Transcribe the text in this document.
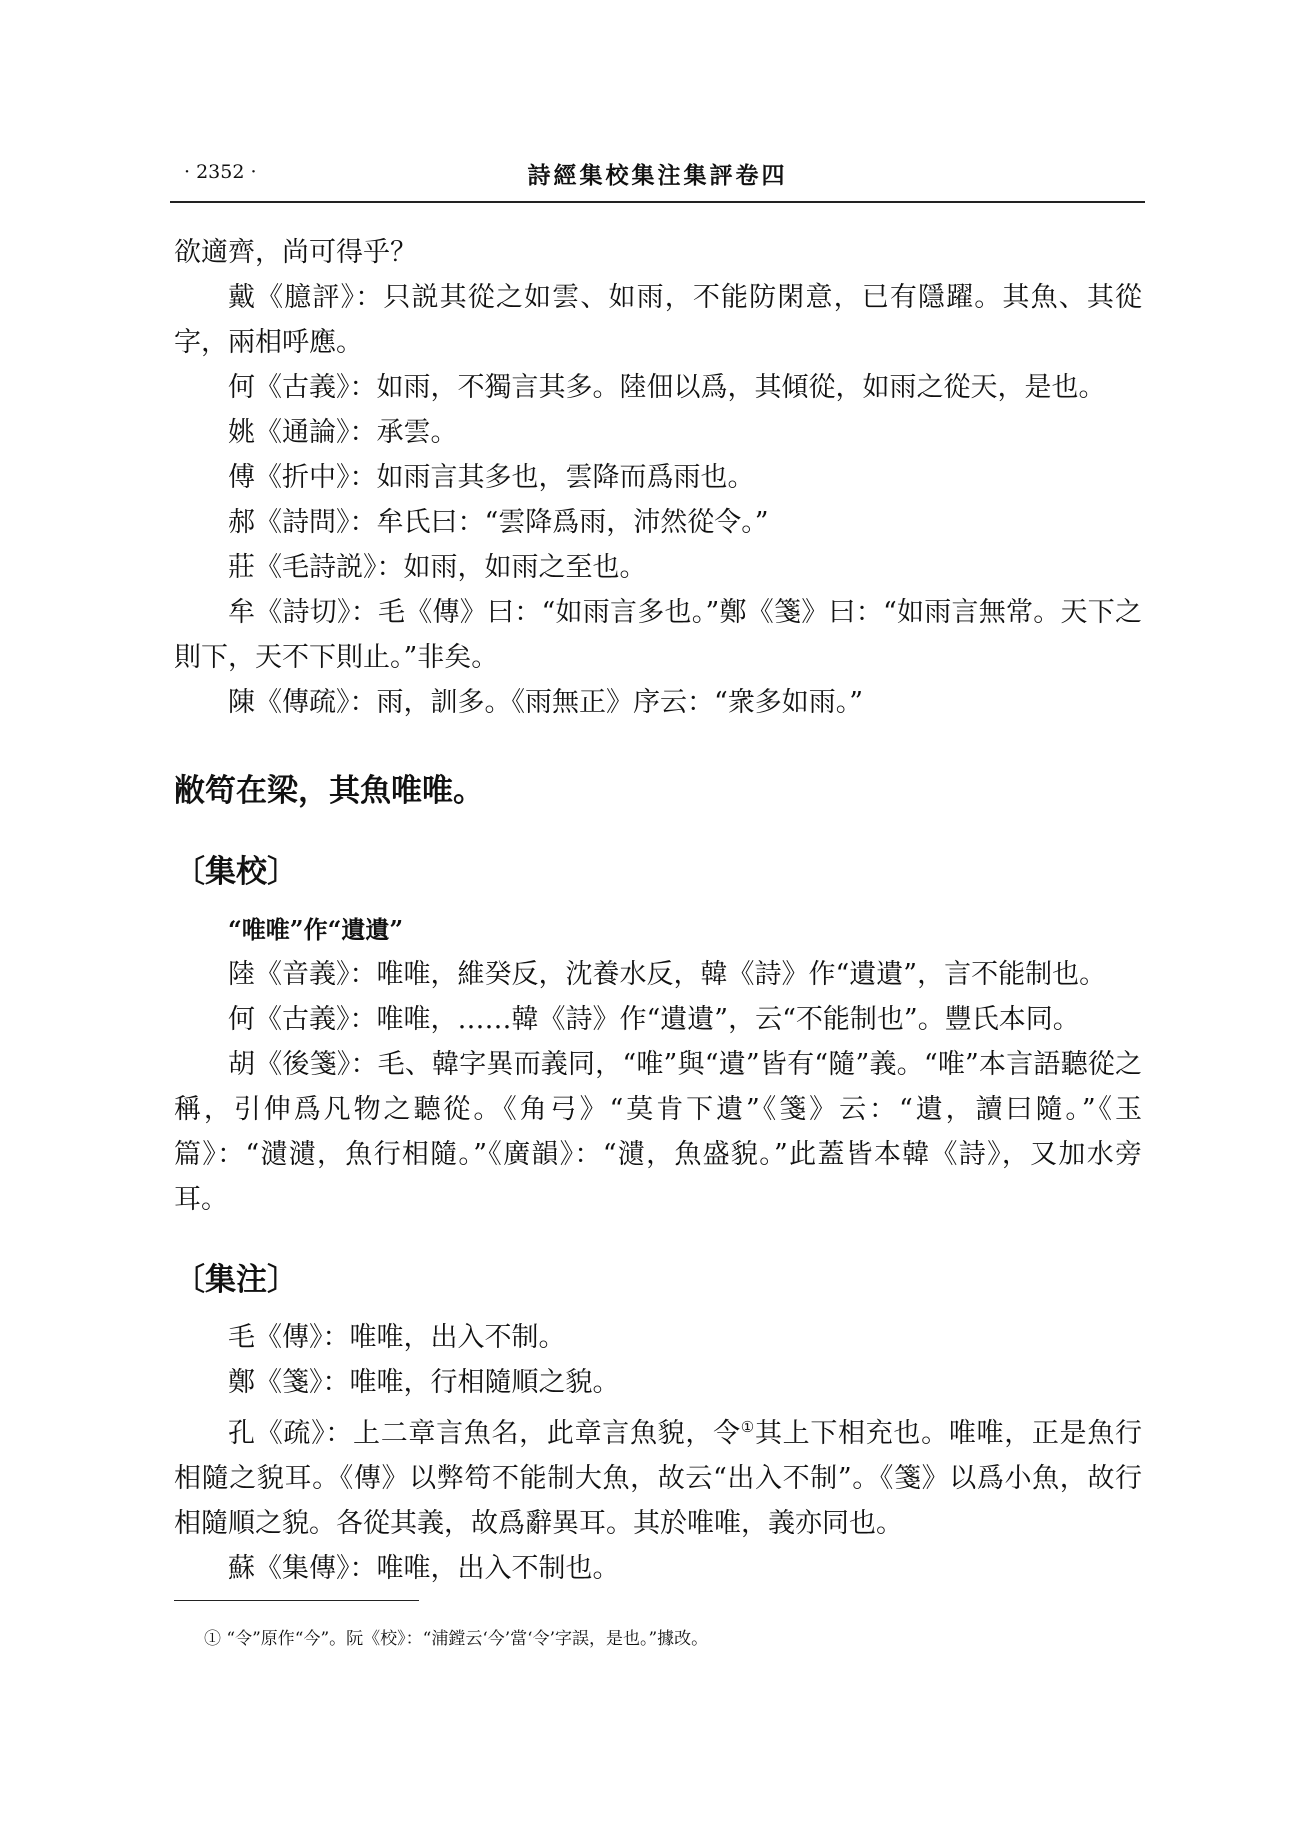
· 2352 ·	詩經集校集注集評卷四

欲適齊，尚可得乎？

戴《臆評》：只説其從之如雲、如雨，不能防閑意，已有隱躍。其魚、其從字，兩相呼應。

何《古義》：如雨，不獨言其多。陸佃以爲，其傾從，如雨之從天，是也。

姚《通論》：承雲。

傅《折中》：如雨言其多也，雲降而爲雨也。

郝《詩問》：牟氏曰：“雲降爲雨，沛然從令。”

莊《毛詩説》：如雨，如雨之至也。

牟《詩切》：毛《傳》曰：“如雨言多也。”鄭《箋》曰：“如雨言無常。天下之則下，天不下則止。”非矣。

陳《傳疏》：雨，訓多。《雨無正》序云：“衆多如雨。”

敝笱在梁，其魚唯唯。

〔集校〕

“唯唯”作“遺遺”

陸《音義》：唯唯，維癸反，沈養水反，韓《詩》作“遺遺”，言不能制也。

何《古義》：唯唯，……韓《詩》作“遺遺”，云“不能制也”。豐氏本同。

胡《後箋》：毛、韓字異而義同，“唯”與“遺”皆有“隨”義。“唯”本言語聽從之稱，引伸爲凡物之聽從。《角弓》“莫肯下遺”《箋》云：“遺，讀曰隨。”《玉篇》：“瀢瀢，魚行相隨。”《廣韻》：“瀢，魚盛貌。”此蓋皆本韓《詩》，又加水旁耳。

〔集注〕

毛《傳》：唯唯，出入不制。

鄭《箋》：唯唯，行相隨順之貌。

孔《疏》：上二章言魚名，此章言魚貌，令①其上下相充也。唯唯，正是魚行相隨之貌耳。《傳》以弊笱不能制大魚，故云“出入不制”。《箋》以爲小魚，故行相隨順之貌。各從其義，故爲辭異耳。其於唯唯，義亦同也。

蘇《集傳》：唯唯，出入不制也。

① “令”原作“今”。阮《校》：“浦鏜云‘今’當‘令’字誤，是也。”據改。
